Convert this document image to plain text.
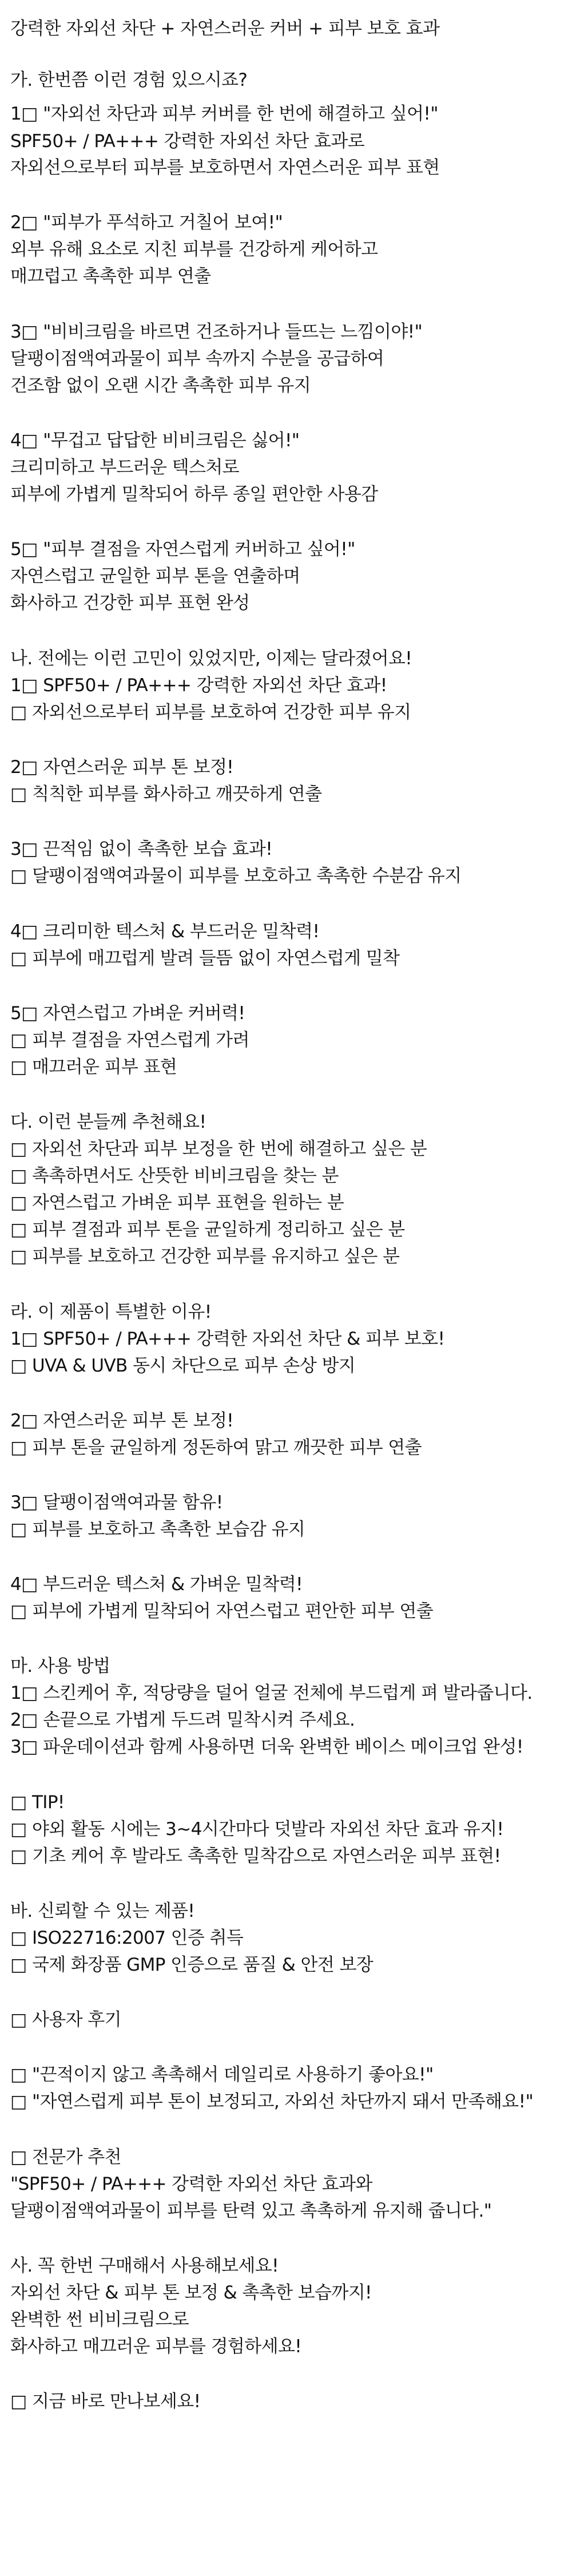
강력한 자외선 차단 + 자연스러운 커버 + 피부 보호 효과
가. 한번쯤 이런 경험 있으시죠?
1□ "자외선 차단과 피부 커버를 한 번에 해결하고 싶어!"
SPF50+ / PA+++ 강력한 자외선 차단 효과로
자외선으로부터 피부를 보호하면서 자연스러운 피부 표현
2□ "피부가 푸석하고 거칠어 보여!"
외부 유해 요소로 지친 피부를 건강하게 케어하고
매끄럽고 촉촉한 피부 연출
3□ "비비크림을 바르면 건조하거나 들뜨는 느낌이야!"
달팽이점액여과물이 피부 속까지 수분을 공급하여
건조함 없이 오랜 시간 촉촉한 피부 유지
4□ "무겁고 답답한 비비크림은 싫어!"
크리미하고 부드러운 텍스처로
피부에 가볍게 밀착되어 하루 종일 편안한 사용감
5□ "피부 결점을 자연스럽게 커버하고 싶어!"
자연스럽고 균일한 피부 톤을 연출하며
화사하고 건강한 피부 표현 완성
나. 전에는 이런 고민이 있었지만, 이제는 달라졌어요!
1□ SPF50+ / PA+++ 강력한 자외선 차단 효과!
□ 자외선으로부터 피부를 보호하여 건강한 피부 유지
2□ 자연스러운 피부 톤 보정!
□ 칙칙한 피부를 화사하고 깨끗하게 연출
3□ 끈적임 없이 촉촉한 보습 효과!
□ 달팽이점액여과물이 피부를 보호하고 촉촉한 수분감 유지
4□ 크리미한 텍스처 & 부드러운 밀착력!
□ 피부에 매끄럽게 발려 들뜸 없이 자연스럽게 밀착
5□ 자연스럽고 가벼운 커버력!
□ 피부 결점을 자연스럽게 가려
□ 매끄러운 피부 표현
다. 이런 분들께 추천해요!
□ 자외선 차단과 피부 보정을 한 번에 해결하고 싶은 분
□ 촉촉하면서도 산뜻한 비비크림을 찾는 분
□ 자연스럽고 가벼운 피부 표현을 원하는 분
□ 피부 결점과 피부 톤을 균일하게 정리하고 싶은 분
□ 피부를 보호하고 건강한 피부를 유지하고 싶은 분
라. 이 제품이 특별한 이유!
1□ SPF50+ / PA+++ 강력한 자외선 차단 & 피부 보호!
□ UVA & UVB 동시 차단으로 피부 손상 방지
2□ 자연스러운 피부 톤 보정!
□ 피부 톤을 균일하게 정돈하여 맑고 깨끗한 피부 연출
3□ 달팽이점액여과물 함유!
□ 피부를 보호하고 촉촉한 보습감 유지
4□ 부드러운 텍스처 & 가벼운 밀착력!
□ 피부에 가볍게 밀착되어 자연스럽고 편안한 피부 연출
마. 사용 방법
1□ 스킨케어 후, 적당량을 덜어 얼굴 전체에 부드럽게 펴 발라줍니다.
2□ 손끝으로 가볍게 두드려 밀착시켜 주세요.
3□ 파운데이션과 함께 사용하면 더욱 완벽한 베이스 메이크업 완성!
□ TIP!
□ 야외 활동 시에는 3~4시간마다 덧발라 자외선 차단 효과 유지!
□ 기초 케어 후 발라도 촉촉한 밀착감으로 자연스러운 피부 표현!
바. 신뢰할 수 있는 제품!
□ ISO22716:2007 인증 취득
□ 국제 화장품 GMP 인증으로 품질 & 안전 보장
□ 사용자 후기
□ "끈적이지 않고 촉촉해서 데일리로 사용하기 좋아요!"
□ "자연스럽게 피부 톤이 보정되고, 자외선 차단까지 돼서 만족해요!"
□ 전문가 추천
"SPF50+ / PA+++ 강력한 자외선 차단 효과와
달팽이점액여과물이 피부를 탄력 있고 촉촉하게 유지해 줍니다."
사. 꼭 한번 구매해서 사용해보세요!
자외선 차단 & 피부 톤 보정 & 촉촉한 보습까지!
완벽한 썬 비비크림으로
화사하고 매끄러운 피부를 경험하세요!
□ 지금 바로 만나보세요!
